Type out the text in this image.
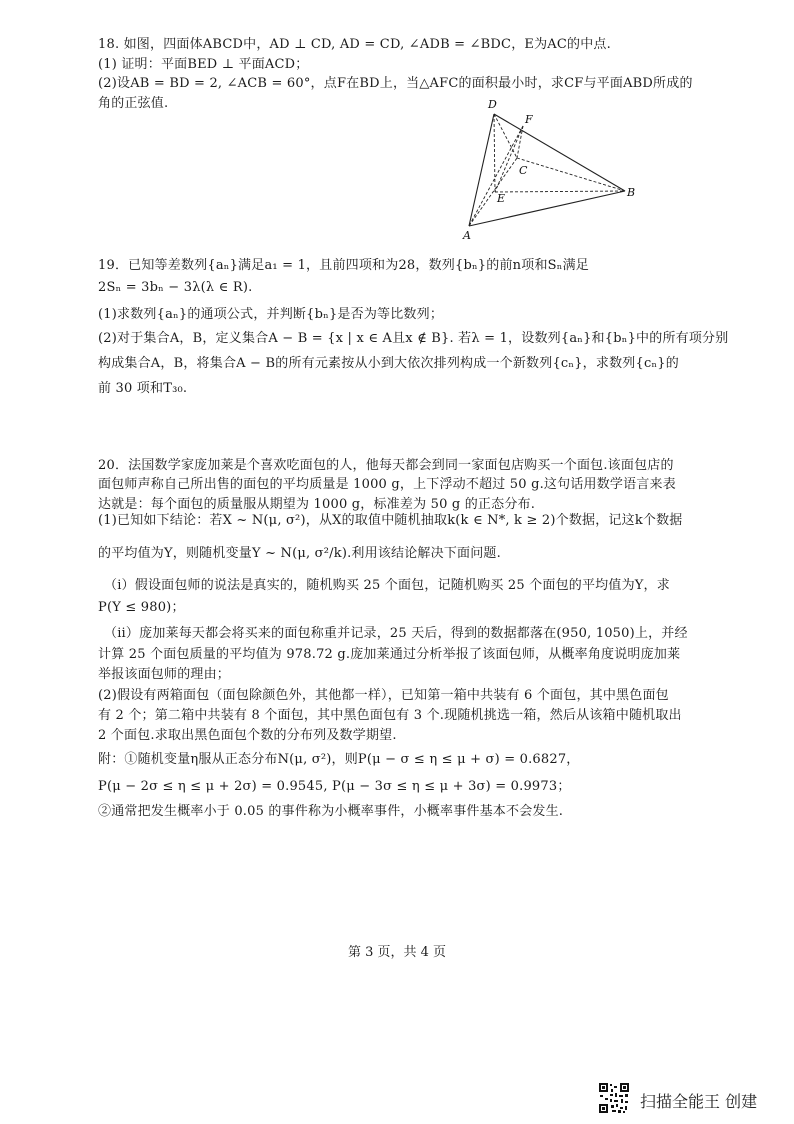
18. 如图，四面体ABCD中，AD ⊥ CD, AD = CD, ∠ADB = ∠BDC，E为AC的中点.
(1) 证明：平面BED ⊥ 平面ACD；
(2)设AB = BD = 2, ∠ACB = 60°，点F在BD上，当△AFC的面积最小时，求CF与平面ABD所成的
角的正弦值.	D
F
C
E	B
A
19．已知等差数列{aₙ}满足a₁ = 1，且前四项和为28，数列{bₙ}的前n项和Sₙ满足
2Sₙ = 3bₙ − 3λ(λ ∈ R).
(1)求数列{aₙ}的通项公式，并判断{bₙ}是否为等比数列；
(2)对于集合A，B，定义集合A − B = {x | x ∈ A且x ∉ B}. 若λ = 1，设数列{aₙ}和{bₙ}中的所有项分别
构成集合A，B，将集合A − B的所有元素按从小到大依次排列构成一个新数列{cₙ}，求数列{cₙ}的
前 30 项和T₃₀.
20．法国数学家庞加莱是个喜欢吃面包的人，他每天都会到同一家面包店购买一个面包.该面包店的
面包师声称自己所出售的面包的平均质量是 1000 g，上下浮动不超过 50 g.这句话用数学语言来表
达就是：每个面包的质量服从期望为 1000 g，标准差为 50 g 的正态分布.
(1)已知如下结论：若X ~ N(μ, σ²)，从X的取值中随机抽取k(k ∈ N*, k ≥ 2)个数据，记这k个数据
的平均值为Y，则随机变量Y ~ N(μ, σ²/k).利用该结论解决下面问题.
（i）假设面包师的说法是真实的，随机购买 25 个面包，记随机购买 25 个面包的平均值为Y，求
P(Y ≤ 980)；
（ii）庞加莱每天都会将买来的面包称重并记录，25 天后，得到的数据都落在(950, 1050)上，并经
计算 25 个面包质量的平均值为 978.72 g.庞加莱通过分析举报了该面包师，从概率角度说明庞加莱
举报该面包师的理由；
(2)假设有两箱面包（面包除颜色外，其他都一样），已知第一箱中共装有 6 个面包，其中黑色面包
有 2 个；第二箱中共装有 8 个面包，其中黑色面包有 3 个.现随机挑选一箱，然后从该箱中随机取出
2 个面包.求取出黑色面包个数的分布列及数学期望.
附：①随机变量η服从正态分布N(μ, σ²)，则P(μ − σ ≤ η ≤ μ + σ) = 0.6827，
P(μ − 2σ ≤ η ≤ μ + 2σ) = 0.9545, P(μ − 3σ ≤ η ≤ μ + 3σ) = 0.9973；
②通常把发生概率小于 0.05 的事件称为小概率事件，小概率事件基本不会发生.
第 3 页，共 4 页
扫描全能王 创建
